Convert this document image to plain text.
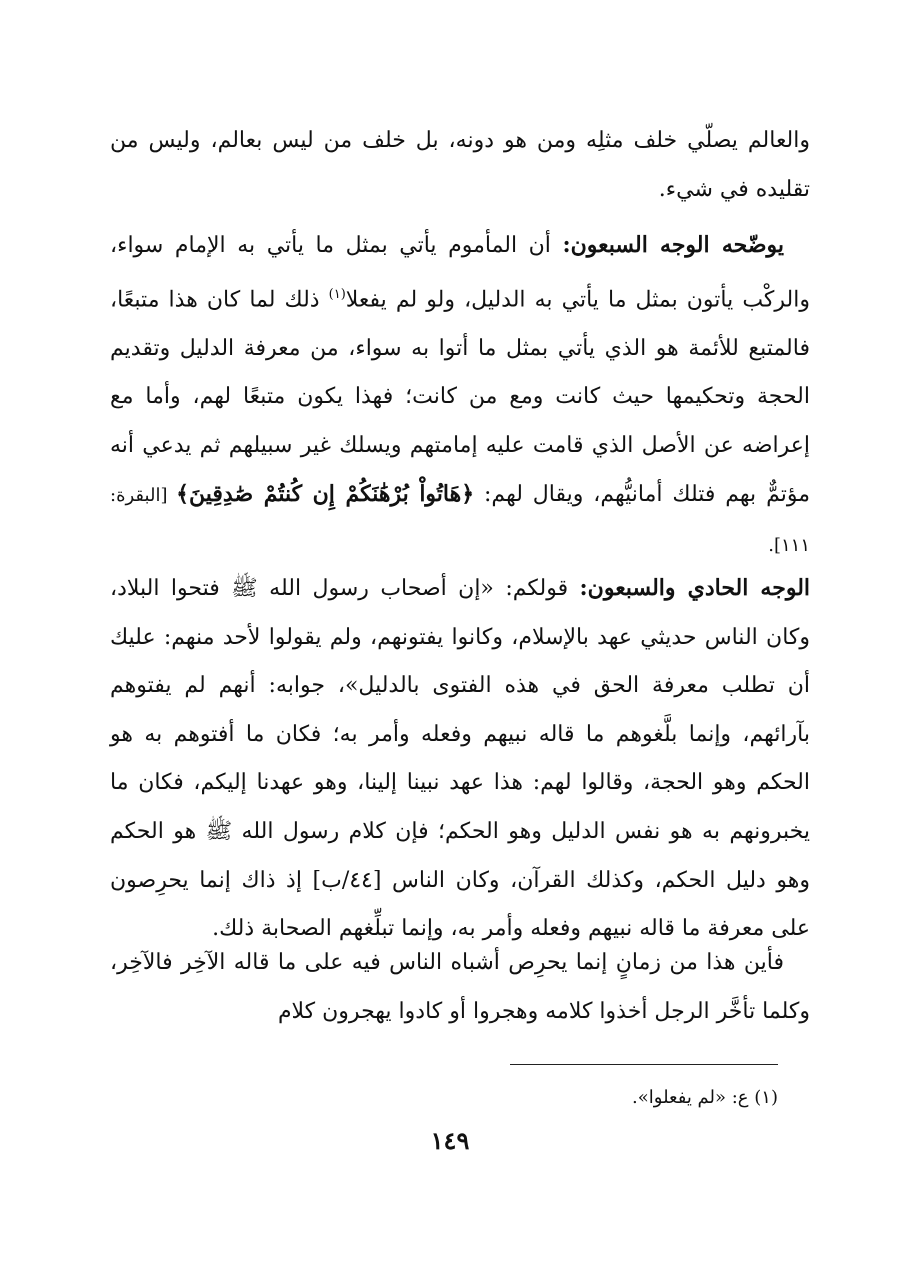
والعالم يصلّي خلف مثلِه ومن هو دونه، بل خلف من ليس بعالم، وليس من تقليده في شيء.

يوضّحه الوجه السبعون: أن المأموم يأتي بمثل ما يأتي به الإمام سواء، والركْب يأتون بمثل ما يأتي به الدليل، ولو لم يفعلا$^{(١)}$ ذلك لما كان هذا متبعًا، فالمتبع للأئمة هو الذي يأتي بمثل ما أتوا به سواء، من معرفة الدليل وتقديم الحجة وتحكيمها حيث كانت ومع من كانت؛ فهذا يكون متبعًا لهم، وأما مع إعراضه عن الأصل الذي قامت عليه إمامتهم ويسلك غير سبيلهم ثم يدعي أنه مؤتمٌّ بهم فتلك أمانيُّهم، ويقال لهم: ﴿هَاتُواْ بُرْهَٰنَكُمْ إِن كُنتُمْ صَٰدِقِينَ﴾ [البقرة: ١١١].

الوجه الحادي والسبعون: قولكم: «إن أصحاب رسول الله ﷺ فتحوا البلاد، وكان الناس حديثي عهد بالإسلام، وكانوا يفتونهم، ولم يقولوا لأحد منهم: عليك أن تطلب معرفة الحق في هذه الفتوى بالدليل»، جوابه: أنهم لم يفتوهم بآرائهم، وإنما بلَّغوهم ما قاله نبيهم وفعله وأمر به؛ فكان ما أفتوهم به هو الحكم وهو الحجة، وقالوا لهم: هذا عهد نبينا إلينا، وهو عهدنا إليكم، فكان ما يخبرونهم به هو نفس الدليل وهو الحكم؛ فإن كلام رسول الله ﷺ هو الحكم وهو دليل الحكم، وكذلك القرآن، وكان الناس [٤٤/ب] إذ ذاك إنما يحرِصون على معرفة ما قاله نبيهم وفعله وأمر به، وإنما تبلِّغهم الصحابة ذلك.

فأين هذا من زمانٍ إنما يحرِص أشباه الناس فيه على ما قاله الآخِر فالآخِر، وكلما تأخَّر الرجل أخذوا كلامه وهجروا أو كادوا يهجرون كلام

(١) ع: «لم يفعلوا».
١٤٩
